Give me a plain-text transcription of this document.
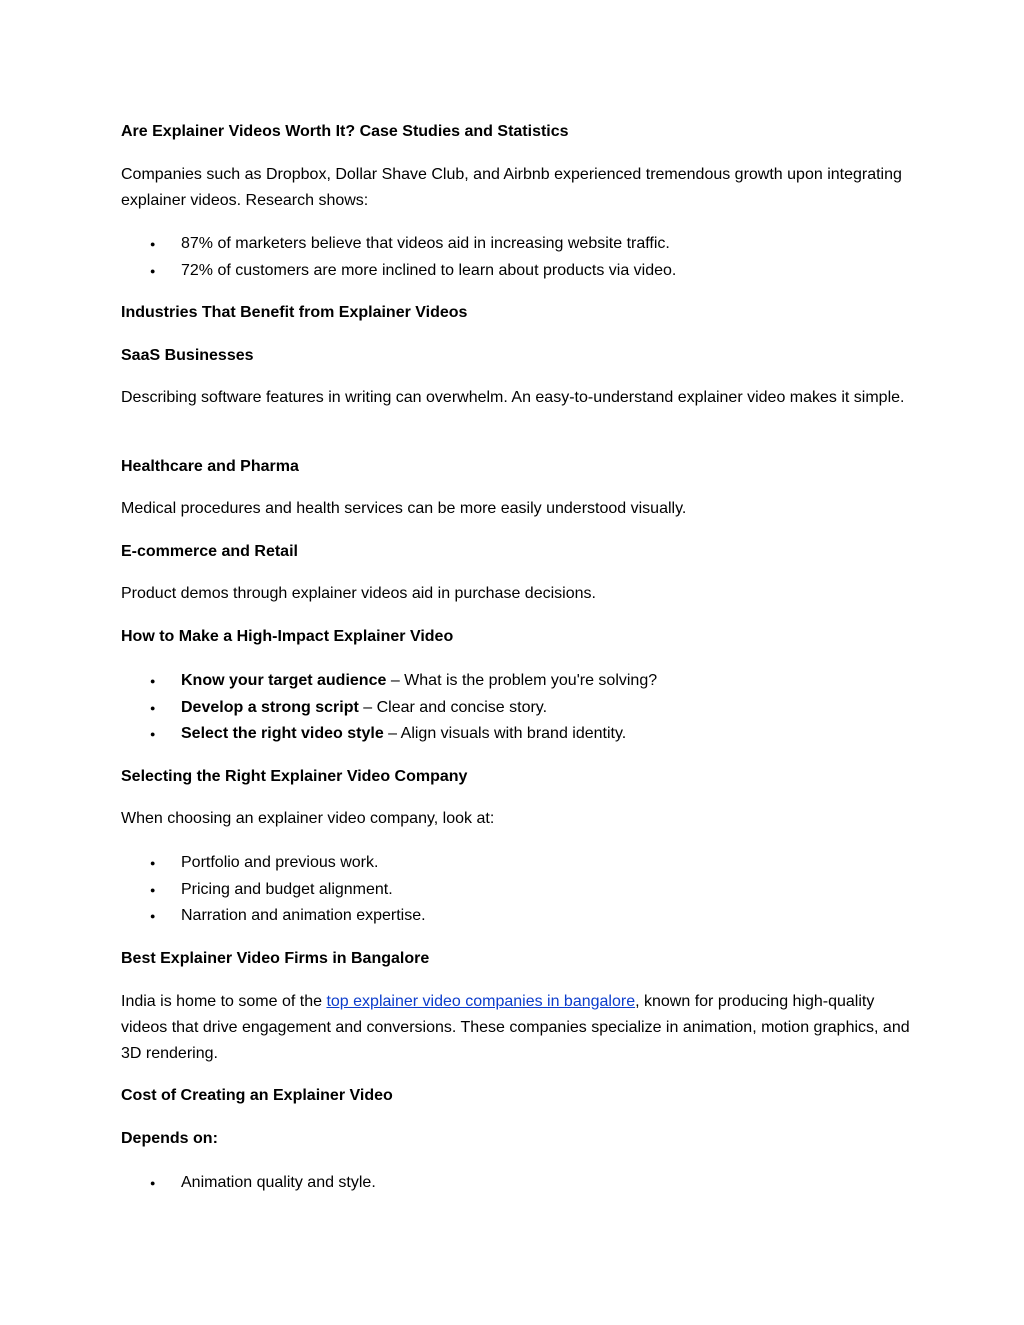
Are Explainer Videos Worth It? Case Studies and Statistics

Companies such as Dropbox, Dollar Shave Club, and Airbnb experienced tremendous growth upon integrating explainer videos. Research shows:

● 87% of marketers believe that videos aid in increasing website traffic.
● 72% of customers are more inclined to learn about products via video.

Industries That Benefit from Explainer Videos

SaaS Businesses

Describing software features in writing can overwhelm. An easy-to-understand explainer video makes it simple.

Healthcare and Pharma

Medical procedures and health services can be more easily understood visually.

E-commerce and Retail

Product demos through explainer videos aid in purchase decisions.

How to Make a High-Impact Explainer Video

● Know your target audience – What is the problem you're solving?
● Develop a strong script – Clear and concise story.
● Select the right video style – Align visuals with brand identity.

Selecting the Right Explainer Video Company

When choosing an explainer video company, look at:

● Portfolio and previous work.
● Pricing and budget alignment.
● Narration and animation expertise.

Best Explainer Video Firms in Bangalore

India is home to some of the top explainer video companies in bangalore, known for producing high-quality videos that drive engagement and conversions. These companies specialize in animation, motion graphics, and 3D rendering.

Cost of Creating an Explainer Video

Depends on:

● Animation quality and style.
